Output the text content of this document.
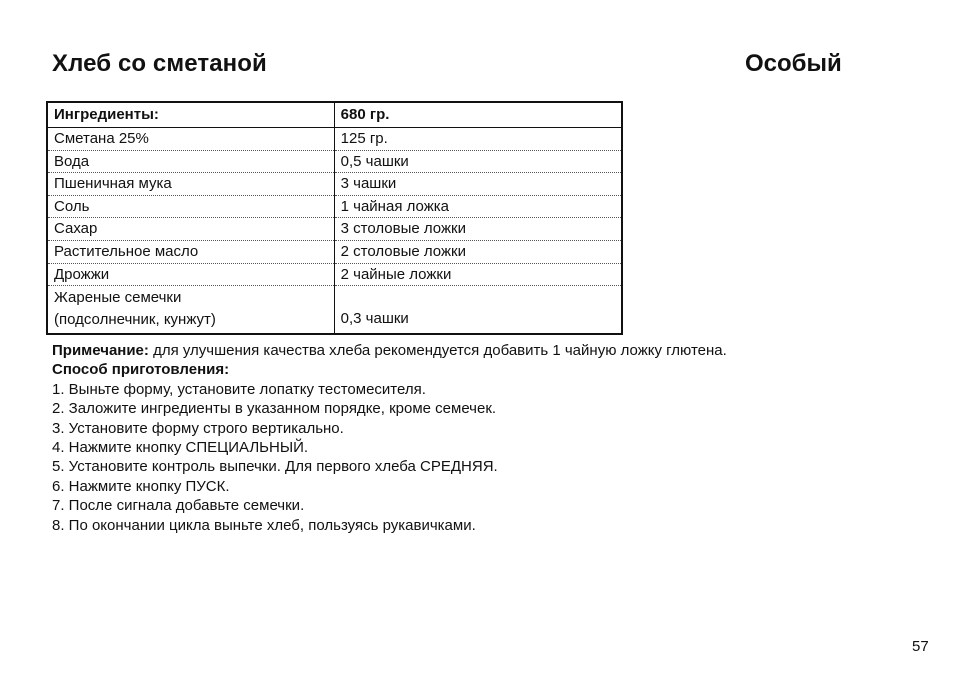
Хлеб со сметаной	Особый
Ингредиенты:	680 гр.
Сметана 25%	125 гр.
Вода	0,5 чашки
Пшеничная мука	3 чашки
Соль	1 чайная ложка
Сахар	3 столовые ложки
Растительное масло	2 столовые ложки
Дрожжи	2 чайные ложки

Жареные семечки
(подсолнечник, кунжут)	0,3 чашки
Примечание: для улучшения качества хлеба рекомендуется добавить 1 чайную ложку глютена.
Способ приготовления:
1. Выньте форму, установите лопатку тестомесителя.
2. Заложите ингредиенты в указанном порядке, кроме семечек.
3. Установите форму строго вертикально.
4. Нажмите кнопку СПЕЦИАЛЬНЫЙ.
5. Установите контроль выпечки. Для первого хлеба СРЕДНЯЯ.
6. Нажмите кнопку ПУСК.
7. После сигнала добавьте семечки.
8. По окончании цикла выньте хлеб, пользуясь рукавичками.
57
